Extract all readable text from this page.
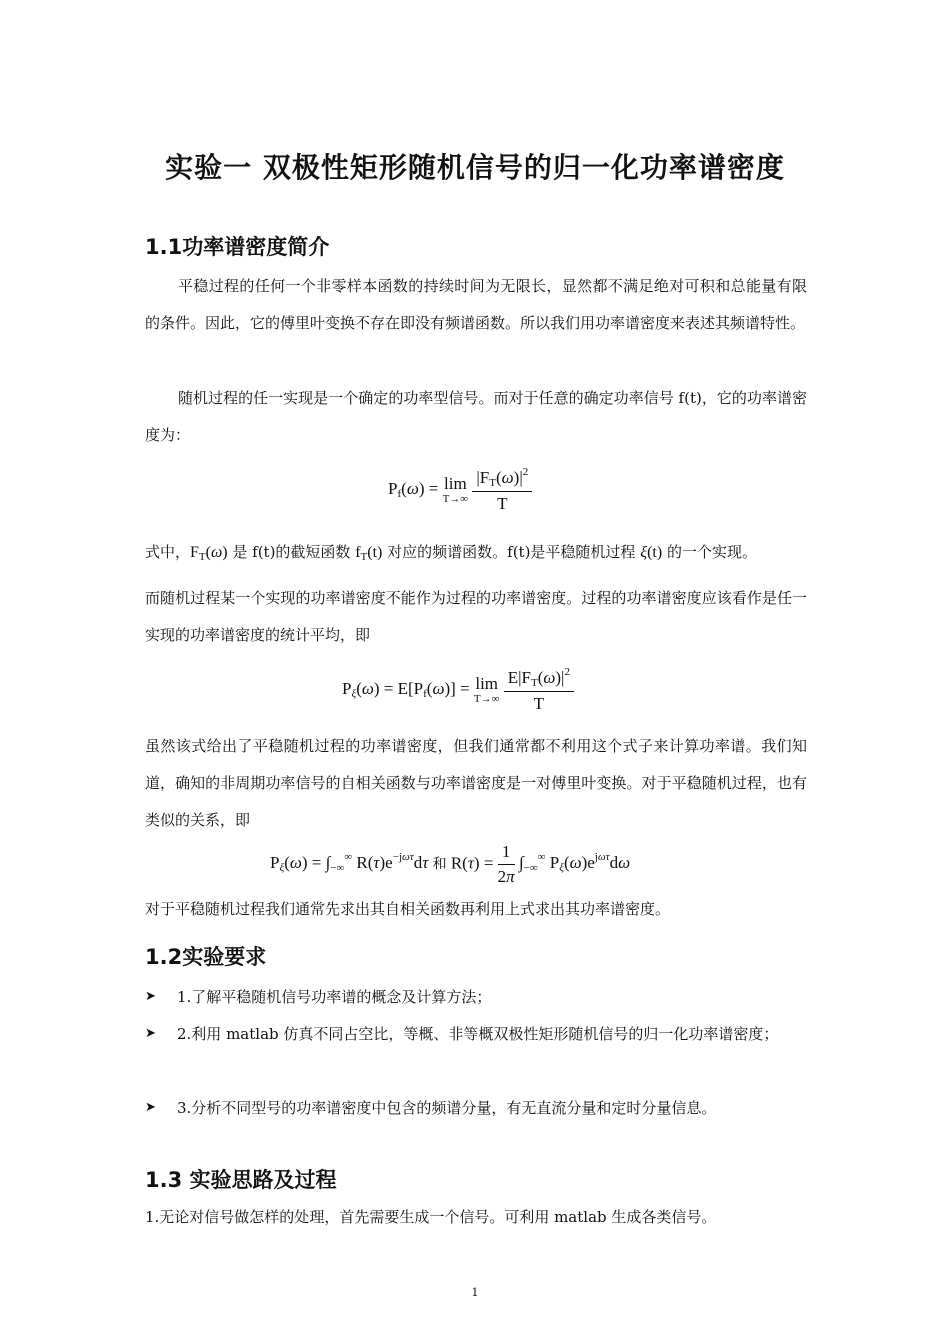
实验一 双极性矩形随机信号的归一化功率谱密度
1.1功率谱密度简介
平稳过程的任何一个非零样本函数的持续时间为无限长，显然都不满足绝对可积和总能量有限的条件。因此，它的傅里叶变换不存在即没有频谱函数。所以我们用功率谱密度来表述其频谱特性。
随机过程的任一实现是一个确定的功率型信号。而对于任意的确定功率信号 f(t)，它的功率谱密度为：
$P_f(\omega) = \lim$
T→∞
$\frac{|F_T(\omega)|^2}{T}$
式中，$F_T(\omega)$ 是 f(t)的截短函数 $f_T(t)$ 对应的频谱函数。f(t)是平稳随机过程 ξ(t) 的一个实现。
而随机过程某一个实现的功率谱密度不能作为过程的功率谱密度。过程的功率谱密度应该看作是任一实现的功率谱密度的统计平均，即
$P_\xi(\omega) = E[P_f(\omega)] = \lim$
T→∞
$\frac{E|F_T(\omega)|^2}{T}$
虽然该式给出了平稳随机过程的功率谱密度，但我们通常都不利用这个式子来计算功率谱。我们知道，确知的非周期功率信号的自相关函数与功率谱密度是一对傅里叶变换。对于平稳随机过程，也有类似的关系，即
$P_\xi(\omega) = \int_{-\infty}^\infty$ $R(\tau)e^{-j\omega\tau}d\tau$ 和 $R(\tau) = \frac{1}{2\pi} \int_{-\infty}^\infty$ $P_\xi(\omega)e^{j\omega\tau}d\omega$
对于平稳随机过程我们通常先求出其自相关函数再利用上式求出其功率谱密度。
1.2实验要求
➤ 1.了解平稳随机信号功率谱的概念及计算方法；
➤ 2.利用 matlab 仿真不同占空比，等概、非等概双极性矩形随机信号的归一化功率谱密度；
➤ 3.分析不同型号的功率谱密度中包含的频谱分量，有无直流分量和定时分量信息。
1.3 实验思路及过程
1.无论对信号做怎样的处理，首先需要生成一个信号。可利用 matlab 生成各类信号。
1
